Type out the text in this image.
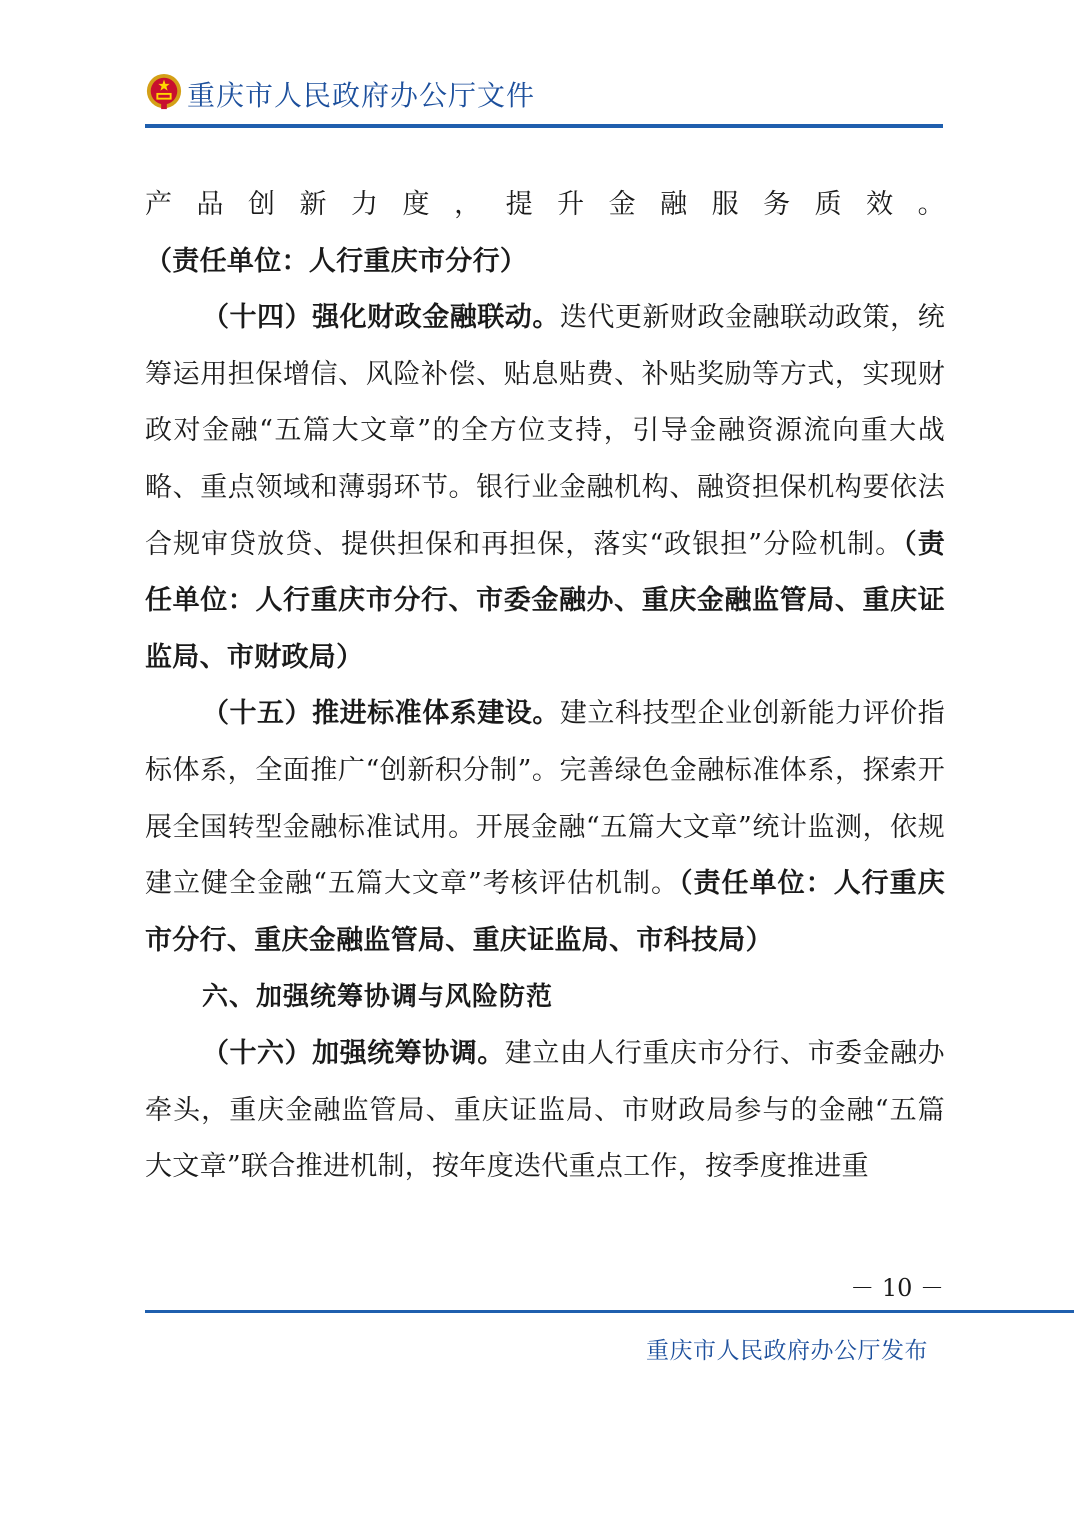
重庆市人民政府办公厅文件

产品创新力度，提升金融服务质效。（责任单位：人行重庆市分行）

（十四）强化财政金融联动。迭代更新财政金融联动政策，统筹运用担保增信、风险补偿、贴息贴费、补贴奖励等方式，实现财政对金融“五篇大文章”的全方位支持，引导金融资源流向重大战略、重点领域和薄弱环节。银行业金融机构、融资担保机构要依法合规审贷放贷、提供担保和再担保，落实“政银担”分险机制。（责任单位：人行重庆市分行、市委金融办、重庆金融监管局、重庆证监局、市财政局）

（十五）推进标准体系建设。建立科技型企业创新能力评价指标体系，全面推广“创新积分制”。完善绿色金融标准体系，探索开展全国转型金融标准试用。开展金融“五篇大文章”统计监测，依规建立健全金融“五篇大文章”考核评估机制。（责任单位：人行重庆市分行、重庆金融监管局、重庆证监局、市科技局）

六、加强统筹协调与风险防范

（十六）加强统筹协调。建立由人行重庆市分行、市委金融办牵头，重庆金融监管局、重庆证监局、市财政局参与的金融“五篇大文章”联合推进机制，按年度迭代重点工作，按季度推进重

－ 10 －
重庆市人民政府办公厅发布
